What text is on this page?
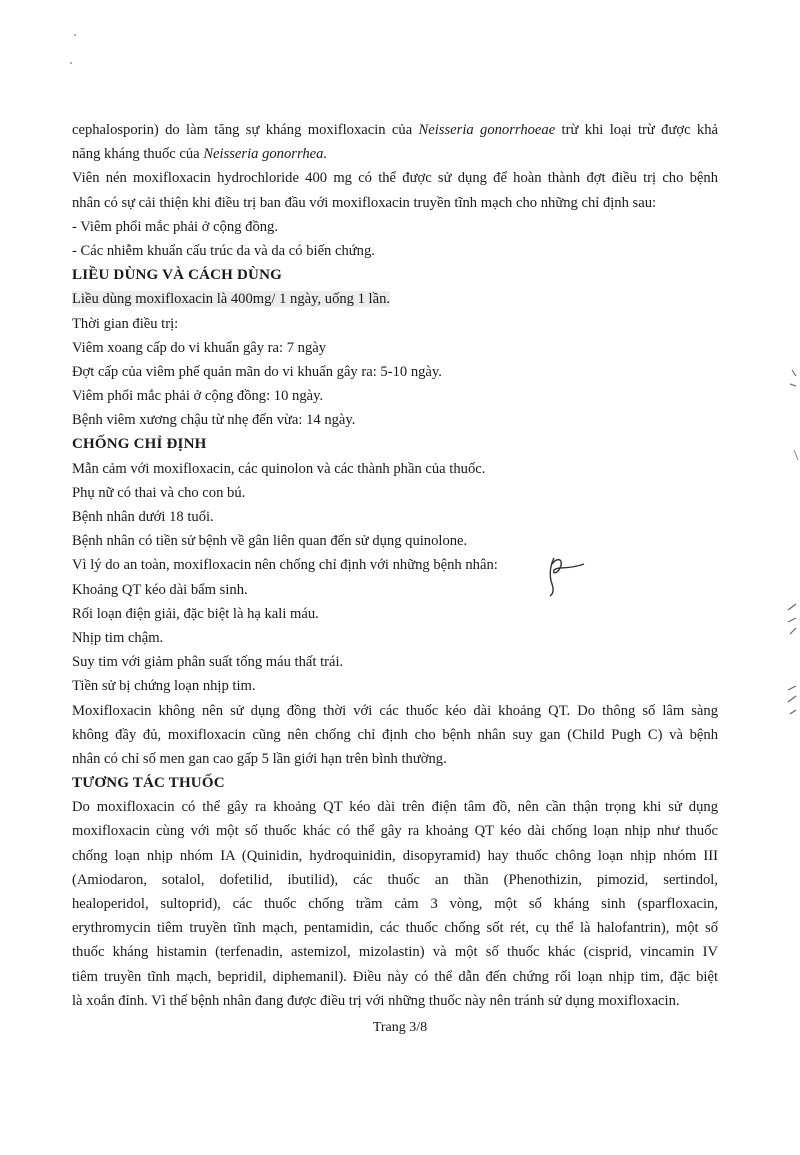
cephalosporin) do làm tăng sự kháng moxifloxacin của Neisseria gonorrhoeae trừ khi loại trừ được khả
năng kháng thuốc của Neisseria gonorrhea.
Viên nén moxifloxacin hydrochloride 400 mg có thể được sử dụng để hoàn thành đợt điều trị cho bệnh
nhân có sự cải thiện khi điều trị ban đầu với moxifloxacin truyền tĩnh mạch cho những chỉ định sau:
- Viêm phổi mắc phải ở cộng đồng.
- Các nhiễm khuẩn cấu trúc da và da có biến chứng.
LIỀU DÙNG VÀ CÁCH DÙNG
Liều dùng moxifloxacin là 400mg/ 1 ngày, uống 1 lần.
Thời gian điều trị:
Viêm xoang cấp do vi khuẩn gây ra: 7 ngày
Đợt cấp của viêm phế quản mãn do vi khuẩn gây ra: 5-10 ngày.
Viêm phổi mắc phải ở cộng đồng: 10 ngày.
Bệnh viêm xương chậu từ nhẹ đến vừa: 14 ngày.
CHỐNG CHỈ ĐỊNH
Mẫn cảm với moxifloxacin, các quinolon và các thành phần của thuốc.
Phụ nữ có thai và cho con bú.
Bệnh nhân dưới 18 tuổi.
Bệnh nhân có tiền sử bệnh về gân liên quan đến sử dụng quinolone.
Vì lý do an toàn, moxifloxacin nên chống chỉ định với những bệnh nhân:
Khoảng QT kéo dài bẩm sinh.
Rối loạn điện giải, đặc biệt là hạ kali máu.
Nhịp tim chậm.
Suy tim với giảm phân suất tống máu thất trái.
Tiền sử bị chứng loạn nhịp tim.
Moxifloxacin không nên sử dụng đồng thời với các thuốc kéo dài khoảng QT. Do thông số lâm sàng
không đầy đủ, moxifloxacin cũng nên chống chỉ định cho bệnh nhân suy gan (Child Pugh C) và bệnh
nhân có chỉ số men gan cao gấp 5 lần giới hạn trên bình thường.
TƯƠNG TÁC THUỐC
Do moxifloxacin có thể gây ra khoảng QT kéo dài trên điện tâm đồ, nên cần thận trọng khi sử dụng
moxifloxacin cùng với một số thuốc khác có thể gây ra khoảng QT kéo dài chống loạn nhịp như thuốc
chống loạn nhịp nhóm IA (Quinidin, hydroquinidin, disopyramid) hay thuốc chông loạn nhịp nhóm III
(Amiodaron, sotalol, dofetilid, ibutilid), các thuốc an thần (Phenothizin, pimozid, sertindol,
healoperidol, sultoprid), các thuốc chống trầm cảm 3 vòng, một số kháng sinh (sparfloxacin,
erythromycin tiêm truyền tĩnh mạch, pentamidin, các thuốc chống sốt rét, cụ thể là halofantrin), một số
thuốc kháng histamin (terfenadin, astemizol, mizolastin) và một số thuốc khác (cisprid, vincamin IV
tiêm truyền tĩnh mạch, bepridil, diphemanil). Điều này có thể dẫn đến chứng rối loạn nhịp tim, đặc biệt
là xoắn đỉnh. Vì thế bệnh nhân đang được điều trị với những thuốc này nên tránh sử dụng moxifloxacin.
Trang 3/8
